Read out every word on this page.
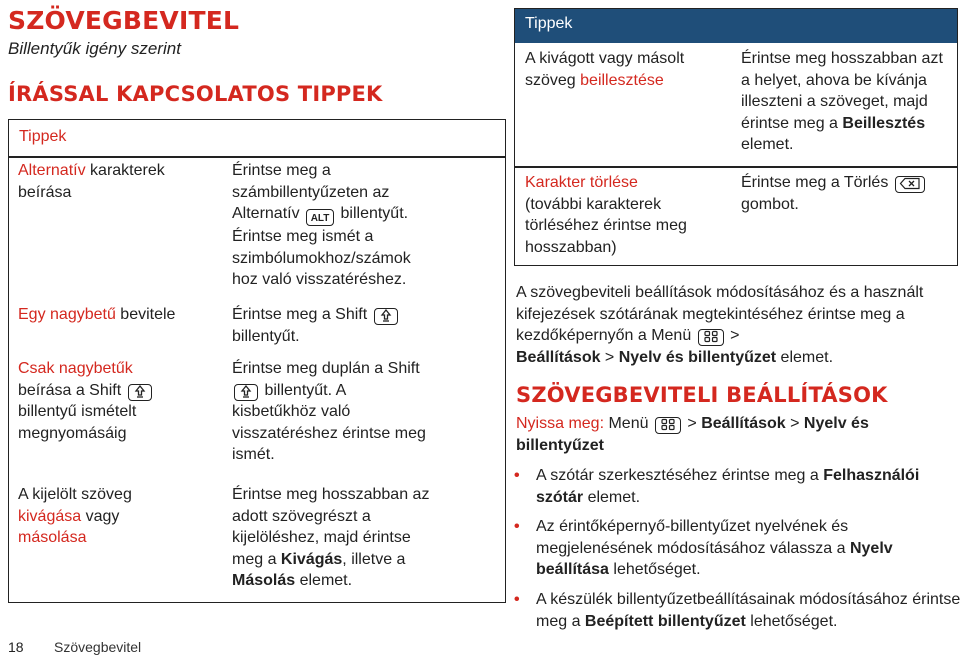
SZÖVEGBEVITEL
Billentyűk igény szerint
ÍRÁSSAL KAPCSOLATOS TIPPEK
Tippek
Alternatív karakterek beírása
Érintse meg a számbillentyűzeten az Alternatív ALT billentyűt. Érintse meg ismét a szimbólumokhoz/számok hoz való visszatéréshez.
Egy nagybetű bevitele	Érintse meg a Shift
billentyűt.
Csak nagybetűk
beírása a Shift
billentyű ismételt megnyomásáig
Érintse meg duplán a Shift  billentyűt. A kisbetűkhöz való visszatéréshez érintse meg ismét.
A kijelölt szöveg kivágása vagy másolása
Érintse meg hosszabban az adott szövegrészt a kijelöléshez, majd érintse meg a Kivágás, illetve a Másolás elemet.
Tippek
A kivágott vagy másolt szöveg beillesztése
Érintse meg hosszabban azt a helyet, ahova be kívánja illeszteni a szöveget, majd érintse meg a Beillesztés elemet.
Karakter törlése
(további karakterek törléséhez érintse meg hosszabban)
Érintse meg a Törlés
gombot.
A szövegbeviteli beállítások módosításához és a használt kifejezések szótárának megtekintéséhez érintse meg a kezdőképernyőn a Menü  >
Beállítások > Nyelv és billentyűzet elemet.
SZÖVEGBEVITELI BEÁLLÍTÁSOK
Nyissa meg: Menü  > Beállítások > Nyelv és billentyűzet
• A szótár szerkesztéséhez érintse meg a Felhasználói szótár elemet.
• Az érintőképernyő-billentyűzet nyelvének és megjelenésének módosításához válassza a Nyelv beállítása lehetőséget.
• A készülék billentyűzetbeállításainak módosításához érintse meg a Beépített billentyűzet lehetőséget.
18 Szövegbevitel
